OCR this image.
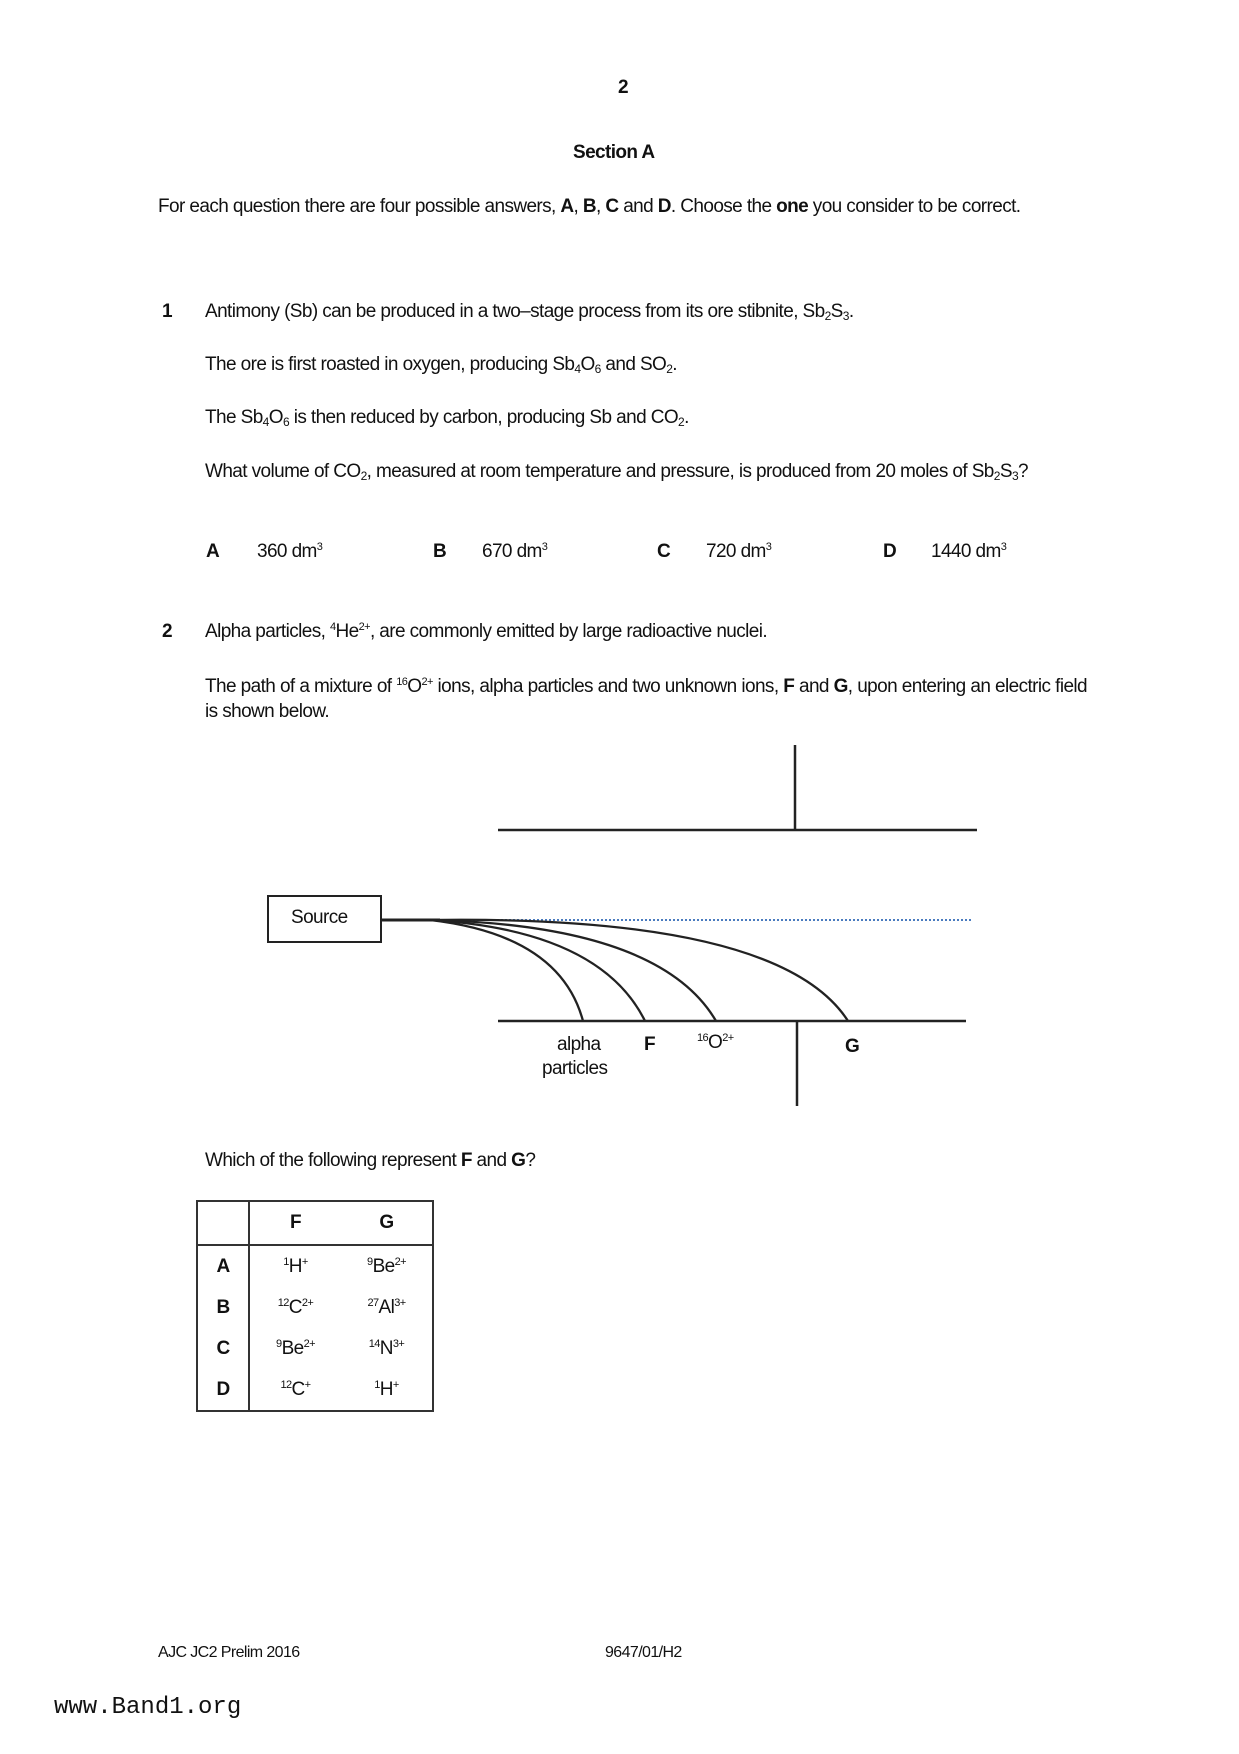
2
Section A
For each question there are four possible answers, A, B, C and D. Choose the one you consider to be correct.
1 Antimony (Sb) can be produced in a two–stage process from its ore stibnite, $Sb_2S_3$.
The ore is first roasted in oxygen, producing $Sb_4O_6$ and $SO_2$.
The $Sb_4O_6$ is then reduced by carbon, producing Sb and $CO_2$.
What volume of $CO_2$, measured at room temperature and pressure, is produced from 20 moles of $Sb_2S_3$?
A 360 $dm^3$	B 670 $dm^3$	C 720 $dm^3$	D 1440 $dm^3$
2 Alpha particles, $^4He^{2+}$, are commonly emitted by large radioactive nuclei.
The path of a mixture of $^{16}O^{2+}$ ions, alpha particles and two unknown ions, F and G, upon entering an electric field is shown below.
Source
alpha
particles
F	$^{16}O^{2+}$	G
Which of the following represent F and G?
	F	G
A	$^1$H+	$^9Be^{2+}$
B	$^{12}C^{2+}$	$^{27}Al^{3+}$
C	$^9Be^{2+}$	$^{14}N^{3+}$
D	$^{12}$C+	$^1$H+
AJC JC2 Prelim 2016	9647/01/H2
www.Band1.org
